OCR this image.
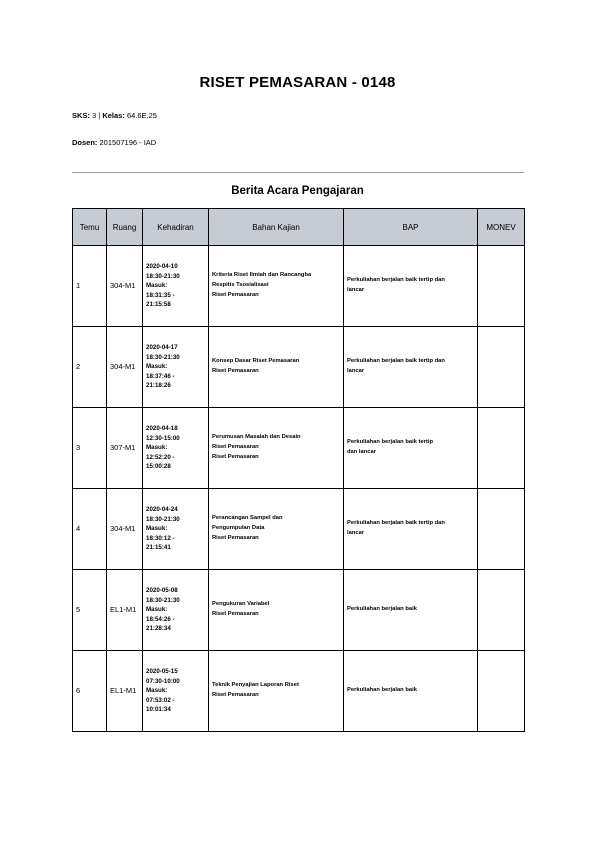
RISET PEMASARAN - 0148
SKS: 3 | Kelas: 64.6E.25
Dosen: 201507196 - IAD
Berita Acara Pengajaran
Temu	Ruang	Kehadiran	Bahan Kajian	BAP	MONEV
1	304-M1	2020-04-10
18:30-21:30
Masuk:
18:31:35 -
21:15:58	Kriteria Riset Ilmiah dan Rancangba
Respitis Tsosialisasi
Riset Pemasaran	Perkuliahan berjalan baik tertip dan
lancar	

2	304-M1	2020-04-17
18:30-21:30
Masuk:
18:37:46 -
21:18:26	Konsep Dasar Riset Pemasaran
Riset Pemasaran	Perkuliahan berjalan baik tertip dan
lancar	

3	307-M1	2020-04-18
12:30-15:00
Masuk:
12:52:20 -
15:00:28	Perumusan Masalah dan Desain
Riset Pemasaran
Riset Pemasaran	Perkuliahan berjalan baik tertip
dan lancar	

4	304-M1	2020-04-24
18:30-21:30
Masuk:
18:30:12 -
21:15:41	Perancangan Sampel dan
Pengumpulan Data
Riset Pemasaran	Perkuliahan berjalan baik tertip dan
lancar	

5	EL1-M1	2020-05-08
18:30-21:30
Masuk:
18:54:26 -
21:28:34	Pengukuran Variabel
Riset Pemasaran	Perkuliahan berjalan baik	

6	EL1-M1	2020-05-15
07:30-10:00
Masuk:
07:53:02 -
10:01:34	Teknik Penyajian Laporan Riset
Riset Pemasaran	Perkuliahan berjalan baik	
